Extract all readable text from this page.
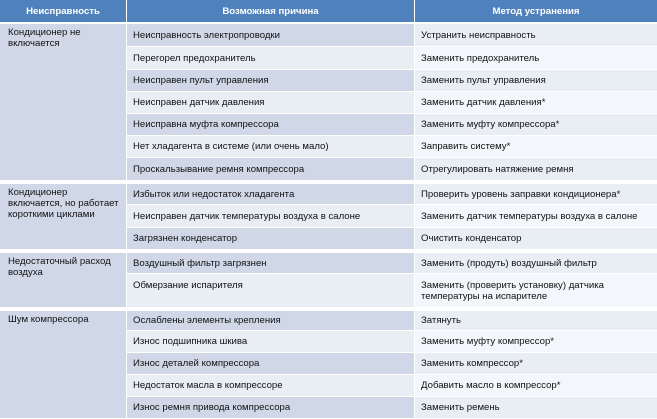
Неисправность	Возможная причина	Метод устранения
Кондиционер не включается	Неисправность электропроводки	Устранить неисправность
	Перегорел предохранитель	Заменить предохранитель
	Неисправен пульт управления	Заменить пульт управления
	Неисправен датчик давления	Заменить датчик давления*
	Неисправна муфта компрессора	Заменить муфту компрессора*
	Нет хладагента в системе (или очень мало)	Заправить систему*
	Проскальзывание ремня компрессора	Отрегулировать натяжение ремня
Кондиционер включается, но работает короткими циклами	Избыток или недостаток хладагента	Проверить уровень заправки кондиционера*
	Неисправен датчик температуры воздуха в салоне	Заменить датчик температуры воздуха в салоне
	Загрязнен конденсатор	Очистить конденсатор
Недостаточный расход воздуха	Воздушный фильтр загрязнен	Заменить (продуть) воздушный фильтр
	Обмерзание испарителя	Заменить (проверить установку) датчика температуры на испарителе
Шум компрессора	Ослаблены элементы крепления	Затянуть
	Износ подшипника шкива	Заменить муфту компрессор*
	Износ деталей компрессора	Заменить компрессор*
	Недостаток масла в компрессоре	Добавить масло в компрессор*
	Износ ремня привода компрессора	Заменить ремень
